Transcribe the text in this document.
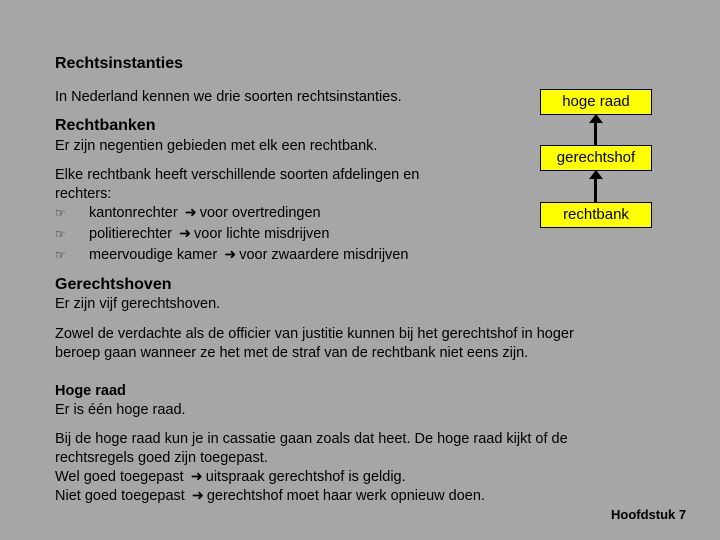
Rechtsinstanties
In Nederland kennen we drie soorten rechtsinstanties.
Rechtbanken
Er zijn negentien gebieden met elk een rechtbank.
Elke rechtbank heeft verschillende soorten afdelingen en
rechters:
☞ kantonrechter ➜ voor overtredingen
☞ politierechter ➜ voor lichte misdrijven
☞ meervoudige kamer ➜ voor zwaardere misdrijven
Gerechtshoven
Er zijn vijf gerechtshoven.
Zowel de verdachte als de officier van justitie kunnen bij het gerechtshof in hoger
beroep gaan wanneer ze het met de straf van de rechtbank niet eens zijn.
Hoge raad
Er is één hoge raad.
Bij de hoge raad kun je in cassatie gaan zoals dat heet. De hoge raad kijkt of de
rechtsregels goed zijn toegepast.
Wel goed toegepast ➜ uitspraak gerechtshof is geldig.
Niet goed toegepast ➜ gerechtshof moet haar werk opnieuw doen.
hoge raad
gerechtshof
rechtbank
Hoofdstuk 7
